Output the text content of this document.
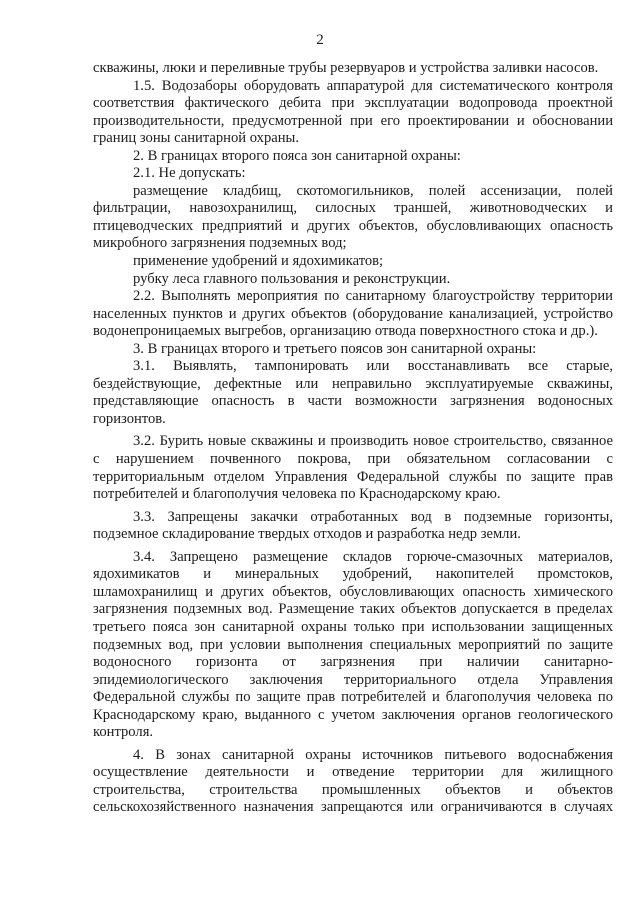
2

скважины, люки и переливные трубы резервуаров и устройства заливки насосов.

1.5. Водозаборы оборудовать аппаратурой для систематического контроля соответствия фактического дебита при эксплуатации водопровода проектной производительности, предусмотренной при его проектировании и обосновании границ зоны санитарной охраны.

2. В границах второго пояса зон санитарной охраны:

2.1. Не допускать:

размещение кладбищ, скотомогильников, полей ассенизации, полей фильтрации, навозохранилищ, силосных траншей, животноводческих и птицеводческих предприятий и других объектов, обусловливающих опасность микробного загрязнения подземных вод;

применение удобрений и ядохимикатов;

рубку леса главного пользования и реконструкции.

2.2. Выполнять мероприятия по санитарному благоустройству территории населенных пунктов и других объектов (оборудование канализацией, устройство водонепроницаемых выгребов, организацию отвода поверхностного стока и др.).

3. В границах второго и третьего поясов зон санитарной охраны:

3.1. Выявлять, тампонировать или восстанавливать все старые, бездействующие, дефектные или неправильно эксплуатируемые скважины, представляющие опасность в части возможности загрязнения водоносных горизонтов.

3.2. Бурить новые скважины и производить новое строительство, связанное с нарушением почвенного покрова, при обязательном согласовании с территориальным отделом Управления Федеральной службы по защите прав потребителей и благополучия человека по Краснодарскому краю.

3.3. Запрещены закачки отработанных вод в подземные горизонты, подземное складирование твердых отходов и разработка недр земли.

3.4. Запрещено размещение складов горюче-смазочных материалов, ядохимикатов и минеральных удобрений, накопителей промстоков, шламохранилищ и других объектов, обусловливающих опасность химического загрязнения подземных вод. Размещение таких объектов допускается в пределах третьего пояса зон санитарной охраны только при использовании защищенных подземных вод, при условии выполнения специальных мероприятий по защите водоносного горизонта от загрязнения при наличии санитарно-эпидемиологического заключения территориального отдела Управления Федеральной службы по защите прав потребителей и благополучия человека по Краснодарскому краю, выданного с учетом заключения органов геологического контроля.

4. В зонах санитарной охраны источников питьевого водоснабжения осуществление деятельности и отведение территории для жилищного строительства, строительства промышленных объектов и объектов сельскохозяйственного назначения запрещаются или ограничиваются в случаях
